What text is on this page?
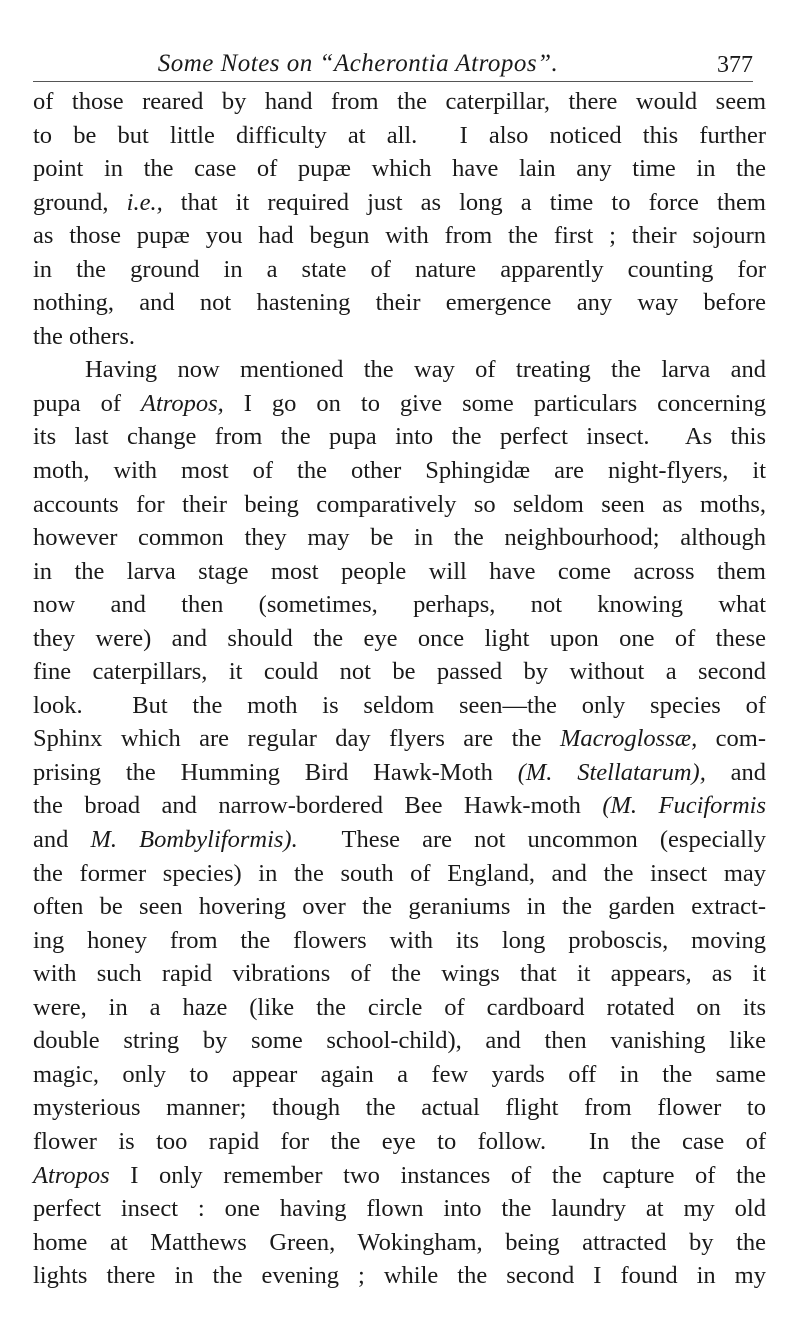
Some Notes on “Acherontia Atropos”.	377
of those reared by hand from the caterpillar, there would seem
to be but little difficulty at all.  I also noticed this further
point in the case of pupæ which have lain any time in the
ground, i.e., that it required just as long a time to force them
as those pupæ you had begun with from the first ; their sojourn
in the ground in a state of nature apparently counting for
nothing, and not hastening their emergence any way before
the others.
Having now mentioned the way of treating the larva and
pupa of Atropos, I go on to give some particulars concerning
its last change from the pupa into the perfect insect.  As this
moth, with most of the other Sphingidæ are night-flyers, it
accounts for their being comparatively so seldom seen as moths,
however common they may be in the neighbourhood; although
in the larva stage most people will have come across them
now and then (sometimes, perhaps, not knowing what
they were) and should the eye once light upon one of these
fine caterpillars, it could not be passed by without a second
look.  But the moth is seldom seen—the only species of
Sphinx which are regular day flyers are the Macroglossæ, com-
prising the Humming Bird Hawk-Moth (M. Stellatarum), and
the broad and narrow-bordered Bee Hawk-moth (M. Fuciformis
and M. Bombyliformis).  These are not uncommon (especially
the former species) in the south of England, and the insect may
often be seen hovering over the geraniums in the garden extract-
ing honey from the flowers with its long proboscis, moving
with such rapid vibrations of the wings that it appears, as it
were, in a haze (like the circle of cardboard rotated on its
double string by some school-child), and then vanishing like
magic, only to appear again a few yards off in the same
mysterious manner; though the actual flight from flower to
flower is too rapid for the eye to follow.  In the case of
Atropos I only remember two instances of the capture of the
perfect insect : one having flown into the laundry at my old
home at Matthews Green, Wokingham, being attracted by the
lights there in the evening ; while the second I found in my
